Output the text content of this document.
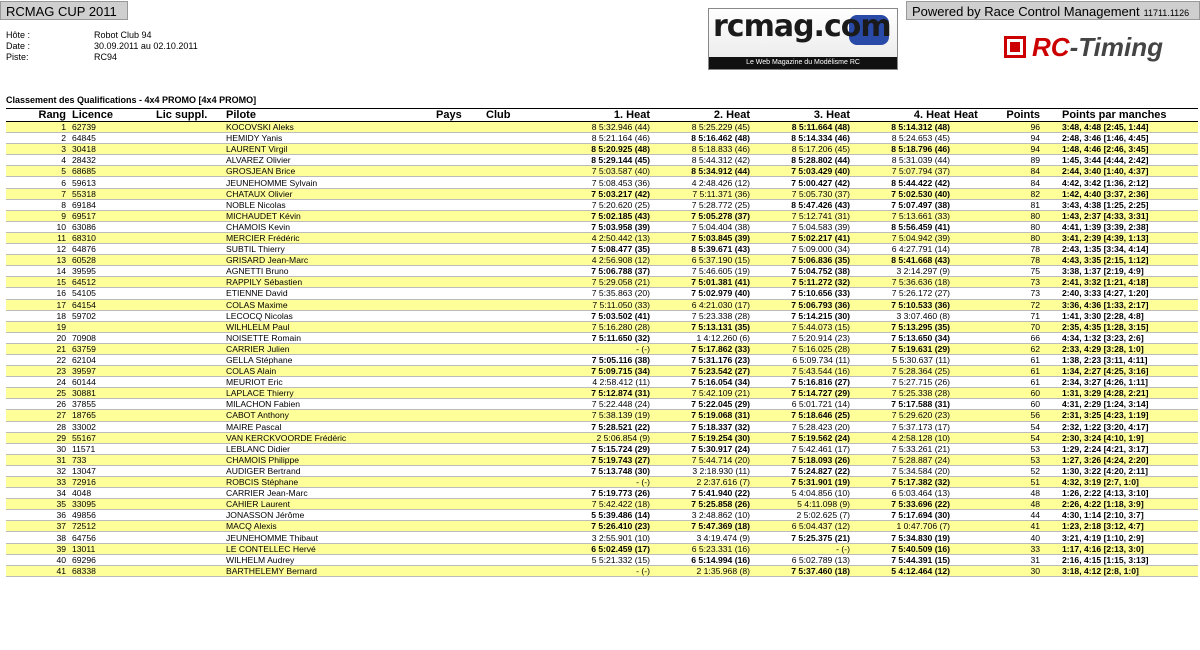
RCMAG CUP 2011	Powered by Race Control Management 11711.1126
Hôte :	Robot Club 94
Date :	30.09.2011 au 02.10.2011
Piste:	RC94
rcmag.com
Le Web Magazine du Modélisme RC
RC-Timing
Classement des Qualifications - 4x4 PROMO [4x4 PROMO]
Rang	Licence	Lic suppl.	Pilote	Pays	Club	1. Heat	2. Heat	3. Heat	4. Heat	Heat	Points	Points par manches
1	62739		KOCOVSKI Aleks			8 5:32.946 (44)	8 5:25.229 (45)	8 5:11.664 (48)	8 5:14.312 (48)		96	3:48, 4:48 [2:45, 1:44]
2	64845		HEMIDY Yanis			8 5:21.164 (46)	8 5:16.462 (48)	8 5:14.334 (46)	8 5:24.653 (45)		94	2:48, 3:46 [1:46, 4:45]
3	30418		LAURENT Virgil			8 5:20.925 (48)	8 5:18.833 (46)	8 5:17.206 (45)	8 5:18.796 (46)		94	1:48, 4:46 [2:46, 3:45]
4	28432		ALVAREZ Olivier			8 5:29.144 (45)	8 5:44.312 (42)	8 5:28.802 (44)	8 5:31.039 (44)		89	1:45, 3:44 [4:44, 2:42]
5	68685		GROSJEAN Brice			7 5:03.587 (40)	8 5:34.912 (44)	7 5:03.429 (40)	7 5:07.794 (37)		84	2:44, 3:40 [1:40, 4:37]
6	59613		JEUNEHOMME Sylvain			7 5:08.453 (36)	4 2:48.426 (12)	7 5:00.427 (42)	8 5:44.422 (42)		84	4:42, 3:42 [1:36, 2:12]
7	55318		CHATAUX Olivier			7 5:03.217 (42)	7 5:11.371 (36)	7 5:05.730 (37)	7 5:02.530 (40)		82	1:42, 4:40 [3:37, 2:36]
8	69184		NOBLE Nicolas			7 5:20.620 (25)	7 5:28.772 (25)	8 5:47.426 (43)	7 5:07.497 (38)		81	3:43, 4:38 [1:25, 2:25]
9	69517		MICHAUDET Kévin			7 5:02.185 (43)	7 5:05.278 (37)	7 5:12.741 (31)	7 5:13.661 (33)		80	1:43, 2:37 [4:33, 3:31]
10	63086		CHAMOIS Kevin			7 5:03.958 (39)	7 5:04.404 (38)	7 5:04.583 (39)	8 5:56.459 (41)		80	4:41, 1:39 [3:39, 2:38]
11	68310		MERCIER Frédéric			4 2:50.442 (13)	7 5:03.845 (39)	7 5:02.217 (41)	7 5:04.942 (39)		80	3:41, 2:39 [4:39, 1:13]
12	64876		SUBTIL Thierry			7 5:08.477 (35)	8 5:39.671 (43)	7 5:09.000 (34)	6 4:27.791 (14)		78	2:43, 1:35 [3:34, 4:14]
13	60528		GRISARD Jean-Marc			4 2:56.908 (12)	6 5:37.190 (15)	7 5:06.836 (35)	8 5:41.668 (43)		78	4:43, 3:35 [2:15, 1:12]
14	39595		AGNETTI Bruno			7 5:06.788 (37)	7 5:46.605 (19)	7 5:04.752 (38)	3 2:14.297 (9)		75	3:38, 1:37 [2:19, 4:9]
15	64512		RAPPILY Sébastien			7 5:29.058 (21)	7 5:01.381 (41)	7 5:11.272 (32)	7 5:36.636 (18)		73	2:41, 3:32 [1:21, 4:18]
16	54105		ETIENNE David			7 5:35.863 (20)	7 5:02.979 (40)	7 5:10.656 (33)	7 5:26.172 (27)		73	2:40, 3:33 [4:27, 1:20]
17	64154		COLAS Maxime			7 5:11.050 (33)	6 4:21.030 (17)	7 5:06.793 (36)	7 5:10.533 (36)		72	3:36, 4:36 [1:33, 2:17]
18	59702		LECOCQ Nicolas			7 5:03.502 (41)	7 5:23.338 (28)	7 5:14.215 (30)	3 3:07.460 (8)		71	1:41, 3:30 [2:28, 4:8]
19			WILHLELM Paul			7 5:16.280 (28)	7 5:13.131 (35)	7 5:44.073 (15)	7 5:13.295 (35)		70	2:35, 4:35 [1:28, 3:15]
20	70908		NOISETTE Romain			7 5:11.650 (32)	1 4:12.260 (6)	7 5:20.914 (23)	7 5:13.650 (34)		66	4:34, 1:32 [3:23, 2:6]
21	63759		CARRIER Julien			- (-)	7 5:17.862 (33)	7 5:16.025 (28)	7 5:19.631 (29)		62	2:33, 4:29 [3:28, 1:0]
22	62104		GELLA Stéphane			7 5:05.116 (38)	7 5:31.176 (23)	6 5:09.734 (11)	5 5:30.637 (11)		61	1:38, 2:23 [3:11, 4:11]
23	39597		COLAS Alain			7 5:09.715 (34)	7 5:23.542 (27)	7 5:43.544 (16)	7 5:28.364 (25)		61	1:34, 2:27 [4:25, 3:16]
24	60144		MEURIOT Eric			4 2:58.412 (11)	7 5:16.054 (34)	7 5:16.816 (27)	7 5:27.715 (26)		61	2:34, 3:27 [4:26, 1:11]
25	30881		LAPLACE Thierry			7 5:12.874 (31)	7 5:42.109 (21)	7 5:14.727 (29)	7 5:25.338 (28)		60	1:31, 3:29 [4:28, 2:21]
26	37855		MILACHON Fabien			7 5:22.448 (24)	7 5:22.045 (29)	6 5:01.721 (14)	7 5:17.588 (31)		60	4:31, 2:29 [1:24, 3:14]
27	18765		CABOT Anthony			7 5:38.139 (19)	7 5:19.068 (31)	7 5:18.646 (25)	7 5:29.620 (23)		56	2:31, 3:25 [4:23, 1:19]
28	33002		MAIRE Pascal			7 5:28.521 (22)	7 5:18.337 (32)	7 5:28.423 (20)	7 5:37.173 (17)		54	2:32, 1:22 [3:20, 4:17]
29	55167		VAN KERCKVOORDE Frédéric			2 5:06.854 (9)	7 5:19.254 (30)	7 5:19.562 (24)	4 2:58.128 (10)		54	2:30, 3:24 [4:10, 1:9]
30	11571		LEBLANC Didier			7 5:15.724 (29)	7 5:30.917 (24)	7 5:42.461 (17)	7 5:33.261 (21)		53	1:29, 2:24 [4:21, 3:17]
31	733		CHAMOIS Philippe			7 5:19.743 (27)	7 5:44.714 (20)	7 5:18.093 (26)	7 5:28.887 (24)		53	1:27, 3:26 [4:24, 2:20]
32	13047		AUDIGER Bertrand			7 5:13.748 (30)	3 2:18.930 (11)	7 5:24.827 (22)	7 5:34.584 (20)		52	1:30, 3:22 [4:20, 2:11]
33	72916		ROBCIS Stéphane			- (-)	2 2:37.616 (7)	7 5:31.901 (19)	7 5:17.382 (32)		51	4:32, 3:19 [2:7, 1:0]
34	4048		CARRIER Jean-Marc			7 5:19.773 (26)	7 5:41.940 (22)	5 4:04.856 (10)	6 5:03.464 (13)		48	1:26, 2:22 [4:13, 3:10]
35	33095		CAHIER Laurent			7 5:42.422 (18)	7 5:25.858 (26)	5 4:11.098 (9)	7 5:33.696 (22)		48	2:26, 4:22 [1:18, 3:9]
36	49856		JONASSON Jérôme			5 5:39.486 (14)	3 2:48.862 (10)	2 5:02.625 (7)	7 5:17.694 (30)		44	4:30, 1:14 [2:10, 3:7]
37	72512		MACQ Alexis			7 5:26.410 (23)	7 5:47.369 (18)	6 5:04.437 (12)	1 0:47.706 (7)		41	1:23, 2:18 [3:12, 4:7]
38	64756		JEUNEHOMME Thibaut			3 2:55.901 (10)	3 4:19.474 (9)	7 5:25.375 (21)	7 5:34.830 (19)		40	3:21, 4:19 [1:10, 2:9]
39	13011		LE CONTELLEC Hervé			6 5:02.459 (17)	6 5:23.331 (16)	- (-)	7 5:40.509 (16)		33	1:17, 4:16 [2:13, 3:0]
40	69296		WILHELM Audrey			5 5:21.332 (15)	6 5:14.994 (16)	6 5:02.789 (13)	7 5:44.391 (15)		31	2:16, 4:15 [1:15, 3:13]
41	68338		BARTHELEMY Bernard			- (-)	2 1:35.968 (8)	7 5:37.460 (18)	5 4:12.464 (12)		30	3:18, 4:12 [2:8, 1:0]
